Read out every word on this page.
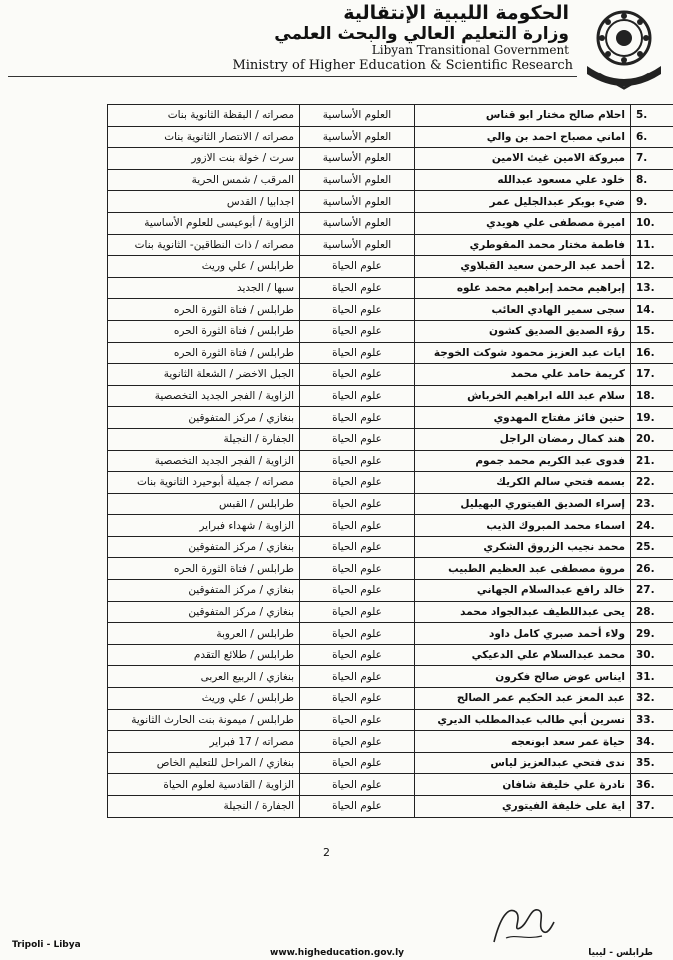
الحكومة الليبية الإنتقالية
وزارة التعليم العالي والبحث العلمي
Libyan Transitional Government
Ministry of Higher Education & Scientific Research
5.	احلام صالح مختار ابو قناس	العلوم الأساسية	مصراته / البقظة الثانوية بنات
6.	اماني مصباح احمد بن والي	العلوم الأساسية	مصراته / الانتصار الثانوية بنات
7.	مبروكة الامين غيث الامين	العلوم الأساسية	سرت / خولة بنت الازور
8.	خلود علي مسعود عبدالله	العلوم الأساسية	المرقب / شمس الحرية
9.	ضيء بوبكر عبدالجليل عمر	العلوم الأساسية	اجدابيا / القدس
10.	اميرة مصطفى علي هويدي	العلوم الأساسية	الزاوية / أبوعيسى للعلوم الأساسية
11.	فاطمة مختار محمد المقوطري	العلوم الأساسية	مصراته / ذات النطاقين- الثانوية بنات
12.	أحمد عبد الرحمن سعيد القبلاوي	علوم الحياة	طرابلس / علي وريث
13.	إبراهيم محمد إبراهيم محمد علوه	علوم الحياة	سبها / الجديد
14.	سجى سمير الهادي العائب	علوم الحياة	طرابلس / فتاة الثورة الحره
15.	رؤء الصديق الصديق كشون	علوم الحياة	طرابلس / فتاة الثورة الحره
16.	ايات عبد العزيز محمود شوكت الخوجة	علوم الحياة	طرابلس / فتاة الثورة الحره
17.	كريمة حامد علي محمد	علوم الحياة	الجبل الاخضر / الشعلة الثانوية
18.	سلام عبد الله ابراهيم الخرباش	علوم الحياة	الزاوية / الفجر الجديد التخصصية
19.	حنين فائز مفتاح المهدوي	علوم الحياة	بنغازي / مركز المتفوقين
20.	هند كمال رمضان الراجل	علوم الحياة	الجفارة / النجيلة
21.	فدوى عبد الكريم محمد جموم	علوم الحياة	الزاوية / الفجر الجديد التخصصية
22.	بسمه فتحي سالم الكريك	علوم الحياة	مصراته / جميلة أبوحيرد الثانوية بنات
23.	إسراء الصديق الفيتوري البهيليل	علوم الحياة	طرابلس / القبس
24.	اسماء محمد المبروك الذيب	علوم الحياة	الزاوية / شهداء فبراير
25.	محمد نجيب الزروق الشكري	علوم الحياة	بنغازي / مركز المتفوقين
26.	مروة مصطفى عبد العظيم الطبيب	علوم الحياة	طرابلس / فتاة الثورة الحره
27.	خالد رافع عبدالسلام الجهاني	علوم الحياة	بنغازي / مركز المتفوقين
28.	يحى عبداللطيف عبدالجواد محمد	علوم الحياة	بنغازي / مركز المتفوقين
29.	ولاء أحمد صبري كامل داود	علوم الحياة	طرابلس / العروبة
30.	محمد عبدالسلام علي الدعيكي	علوم الحياة	طرابلس / طلائع التقدم
31.	ايناس عوض صالح فكرون	علوم الحياة	بنغازي / الربيع العربى
32.	عبد المعز عبد الحكيم عمر الصالح	علوم الحياة	طرابلس / علي وريث
33.	نسرين أبي طالب عبدالمطلب الديري	علوم الحياة	طرابلس / ميمونة بنت الحارث الثانوية
34.	حياة عمر سعد ابونعجه	علوم الحياة	مصراته / 17 فبراير
35.	ندى فتحي عبدالعزيز لياس	علوم الحياة	بنغازي / المراحل للتعليم الخاص
36.	نادرة علي خليفة شافان	علوم الحياة	الزاوية / القادسية لعلوم الحياة
37.	اية على خليفة الفيتوري	علوم الحياة	الجفارة / النجيلة
2
Tripoli - Libya
www.higheducation.gov.ly	طرابلس - ليبيا
